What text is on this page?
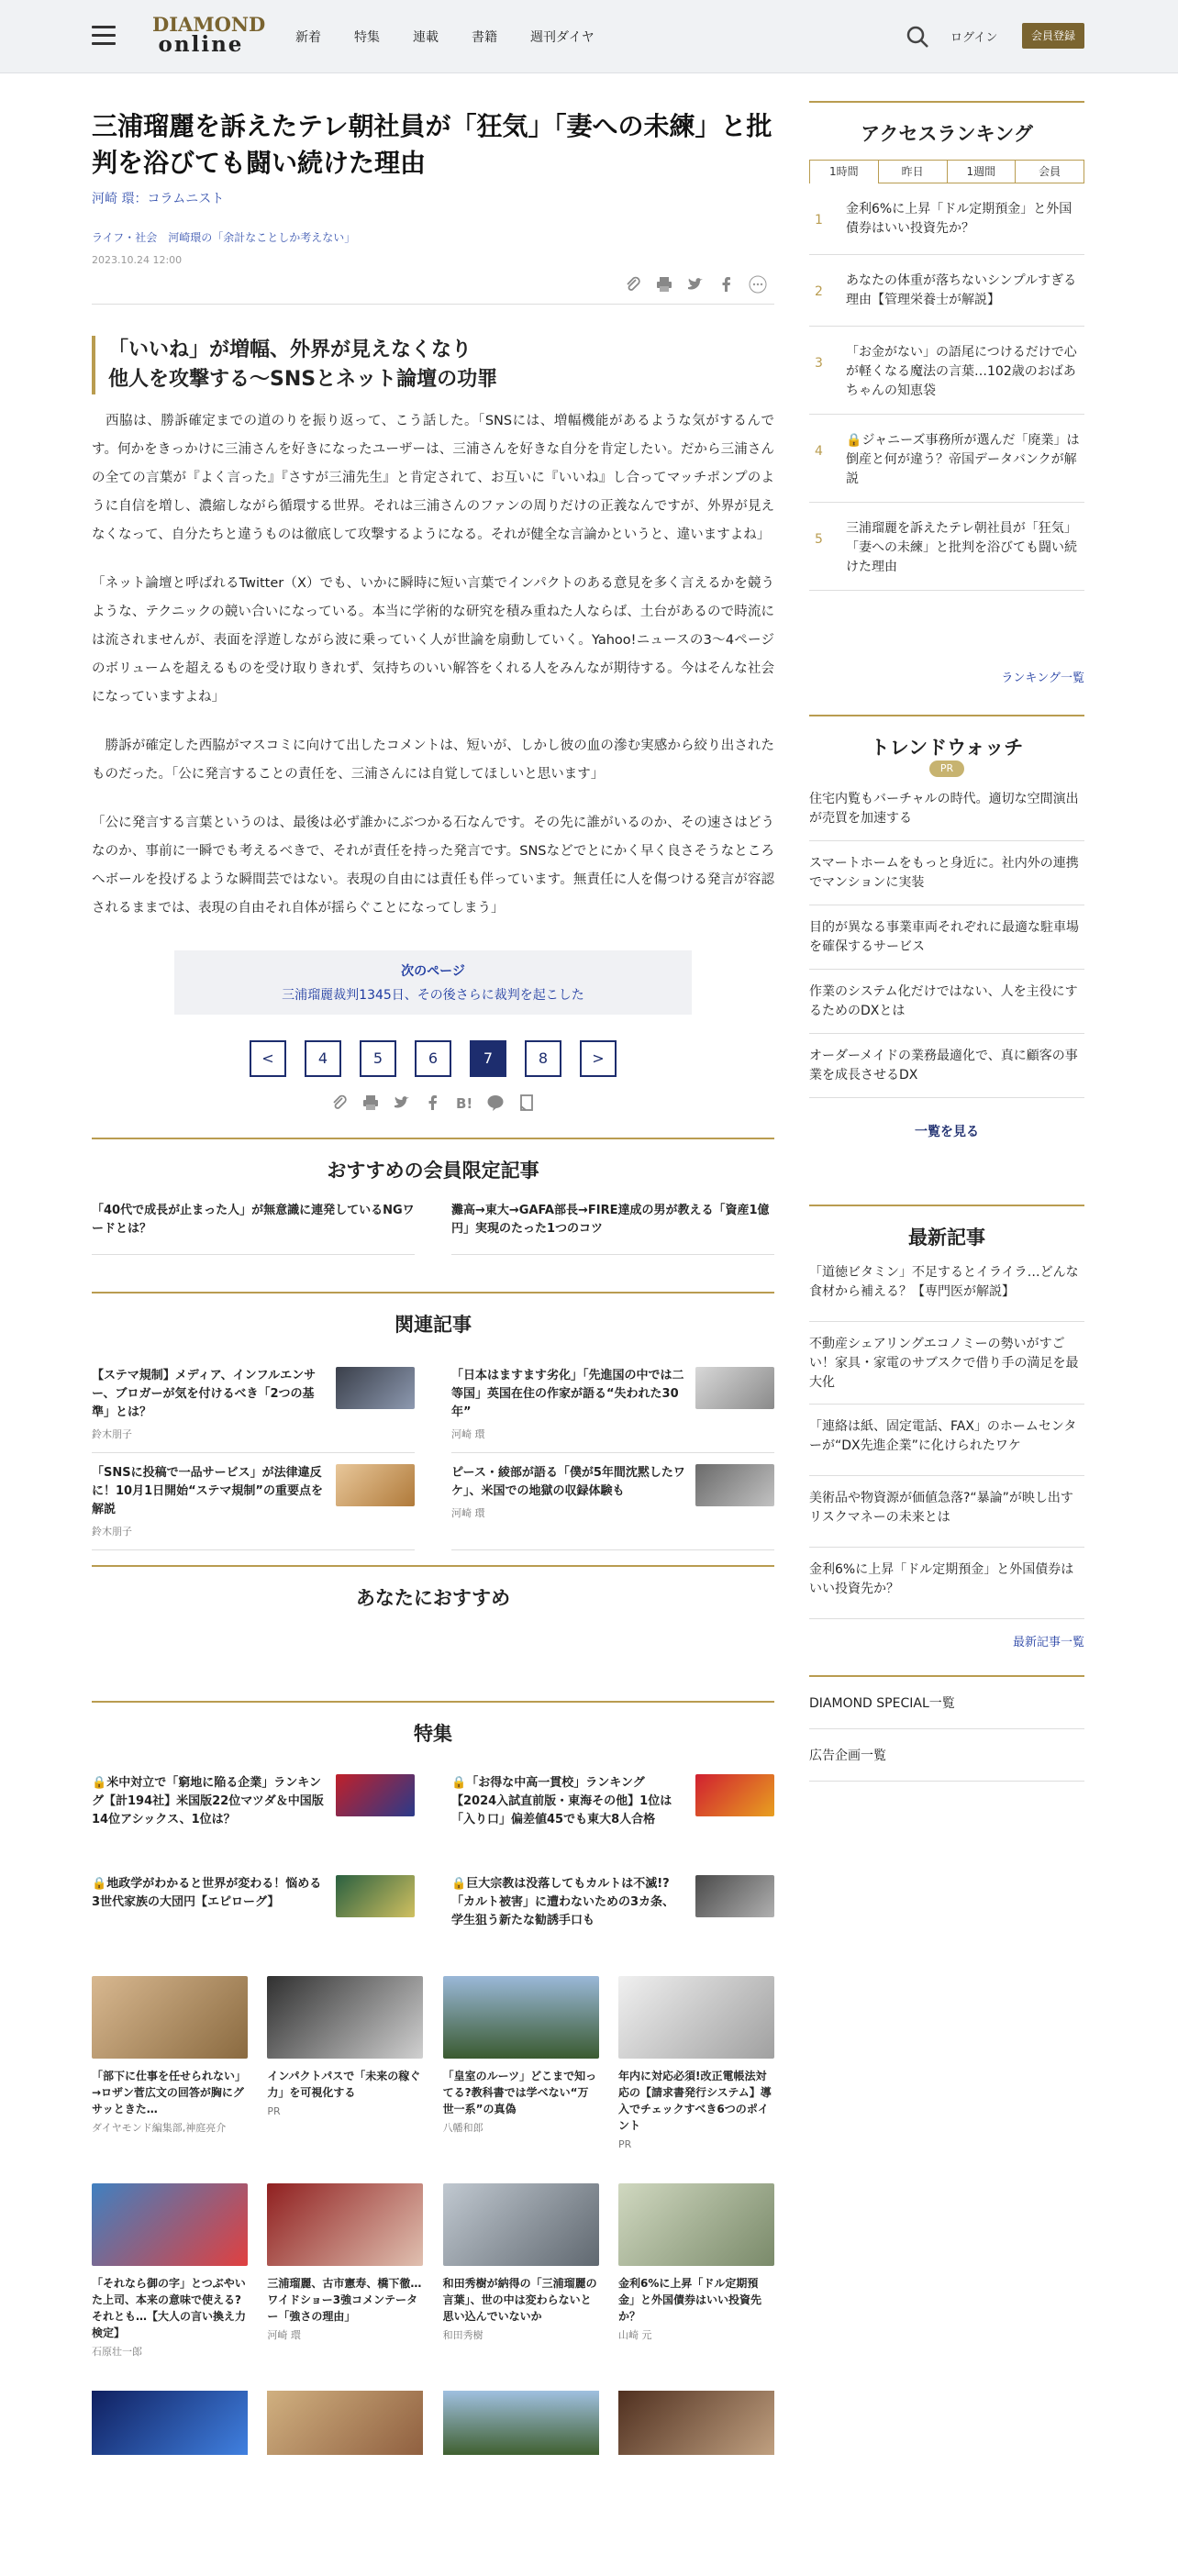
DIAMOND
online	新着	特集	連載	書籍	週刊ダイヤ	ログイン	会員登録
三浦瑠麗を訴えたテレ朝社員が「狂気」「妻への未練」と批判を浴びても闘い続けた理由
河崎 環：コラムニスト
ライフ・社会　河崎環の「余計なことしか考えない」
2023.10.24 12:00
「いいね」が増幅、外界が見えなくなり
他人を攻撃する〜SNSとネット論壇の功罪

　西脇は、勝訴確定までの道のりを振り返って、こう話した。「SNSには、増幅機能があるような気がするんです。何かをきっかけに三浦さんを好きになったユーザーは、三浦さんを好きな自分を肯定したい。だから三浦さんの全ての言葉が『よく言った』『さすが三浦先生』と肯定されて、お互いに『いいね』し合ってマッチポンプのように自信を増し、濃縮しながら循環する世界。それは三浦さんのファンの周りだけの正義なんですが、外界が見えなくなって、自分たちと違うものは徹底して攻撃するようになる。それが健全な言論かというと、違いますよね」

「ネット論壇と呼ばれるTwitter（X）でも、いかに瞬時に短い言葉でインパクトのある意見を多く言えるかを競うような、テクニックの競い合いになっている。本当に学術的な研究を積み重ねた人ならば、土台があるので時流には流されませんが、表面を浮遊しながら波に乗っていく人が世論を扇動していく。Yahoo!ニュースの3〜4ページのボリュームを超えるものを受け取りきれず、気持ちのいい解答をくれる人をみんなが期待する。今はそんな社会になっていますよね」

　勝訴が確定した西脇がマスコミに向けて出したコメントは、短いが、しかし彼の血の滲む実感から絞り出されたものだった。「公に発言することの責任を、三浦さんには自覚してほしいと思います」

「公に発言する言葉というのは、最後は必ず誰かにぶつかる石なんです。その先に誰がいるのか、その速さはどうなのか、事前に一瞬でも考えるべきで、それが責任を持った発言です。SNSなどでとにかく早く良さそうなところへボールを投げるような瞬間芸ではない。表現の自由には責任も伴っています。無責任に人を傷つける発言が容認されるままでは、表現の自由それ自体が揺らぐことになってしまう」

次のページ
三浦瑠麗裁判1345日、その後さらに裁判を起こした
<	4	5	6	7	8	>
B!
おすすめの会員限定記事
「40代で成長が止まった人」が無意識に連発しているNGワードとは？
灘高→東大→GAFA部長→FIRE達成の男が教える「資産1億円」実現のたった1つのコツ
関連記事
【ステマ規制】メディア、インフルエンサー、ブロガーが気を付けるべき「2つの基準」とは？
鈴木朋子
「日本はますます劣化」「先進国の中では二等国」英国在住の作家が語る“失われた30年”
河崎 環
「SNSに投稿で一品サービス」が法律違反に！10月1日開始“ステマ規制”の重要点を解説
鈴木朋子
ピース・綾部が語る「僕が5年間沈黙したワケ」、米国での地獄の収録体験も
河崎 環
あなたにおすすめ
特集
🔒米中対立で「窮地に陥る企業」ランキング【計194社】米国版22位マツダ＆中国版14位アシックス、1位は？
🔒「お得な中高一貫校」ランキング【2024入試直前版・東海その他】1位は「入り口」偏差値45でも東大8人合格
🔒地政学がわかると世界が変わる！悩める3世代家族の大団円【エピローグ】
🔒巨大宗教は没落してもカルトは不滅!?「カルト被害」に遭わないための3カ条、学生狙う新たな勧誘手口も
「部下に仕事を任せられない」→ロザン菅広文の回答が胸にグサッときた…
ダイヤモンド編集部,神庭亮介
インパクトパスで「未来の稼ぐ力」を可視化する
PR
「皇室のルーツ」どこまで知ってる?教科書では学べない“万世一系”の真偽
八幡和郎
年内に対応必須!改正電帳法対応の【請求書発行システム】導入でチェックすべき6つのポイント
PR
「それなら御の字」とつぶやいた上司、本来の意味で使える?それとも…【大人の言い換え力検定】
石原壮一郎
三浦瑠麗、古市憲寿、橋下徹…ワイドショー3強コメンテーター「強さの理由」
河崎 環
和田秀樹が納得の「三浦瑠麗の言葉」、世の中は変わらないと思い込んでいないか
和田秀樹
金利6%に上昇「ドル定期預金」と外国債券はいい投資先か？
山崎 元
アクセスランキング
1時間	昨日	1週間	会員
1
金利6%に上昇「ドル定期預金」と外国債券はいい投資先か？
2
あなたの体重が落ちないシンプルすぎる理由【管理栄養士が解説】
3
「お金がない」の語尾につけるだけで心が軽くなる魔法の言葉…102歳のおばあちゃんの知恵袋
4
🔒ジャニーズ事務所が選んだ「廃業」は倒産と何が違う？帝国データバンクが解説
5
三浦瑠麗を訴えたテレ朝社員が「狂気」「妻への未練」と批判を浴びても闘い続けた理由
ランキング一覧
トレンドウォッチ
PR
住宅内覧もバーチャルの時代。適切な空間演出が売買を加速する
スマートホームをもっと身近に。社内外の連携でマンションに実装
目的が異なる事業車両それぞれに最適な駐車場を確保するサービス
作業のシステム化だけではない、人を主役にするためのDXとは
オーダーメイドの業務最適化で、真に顧客の事業を成長させるDX
一覧を見る
最新記事
「道徳ビタミン」不足するとイライラ…どんな食材から補える？【専門医が解説】
不動産シェアリングエコノミーの勢いがすごい！家具・家電のサブスクで借り手の満足を最大化
「連絡は紙、固定電話、FAX」のホームセンターが“DX先進企業”に化けられたワケ
美術品や物資源が価値急落?“暴論”が映し出すリスクマネーの未来とは
金利6%に上昇「ドル定期預金」と外国債券はいい投資先か？
最新記事一覧
DIAMOND SPECIAL一覧
広告企画一覧
